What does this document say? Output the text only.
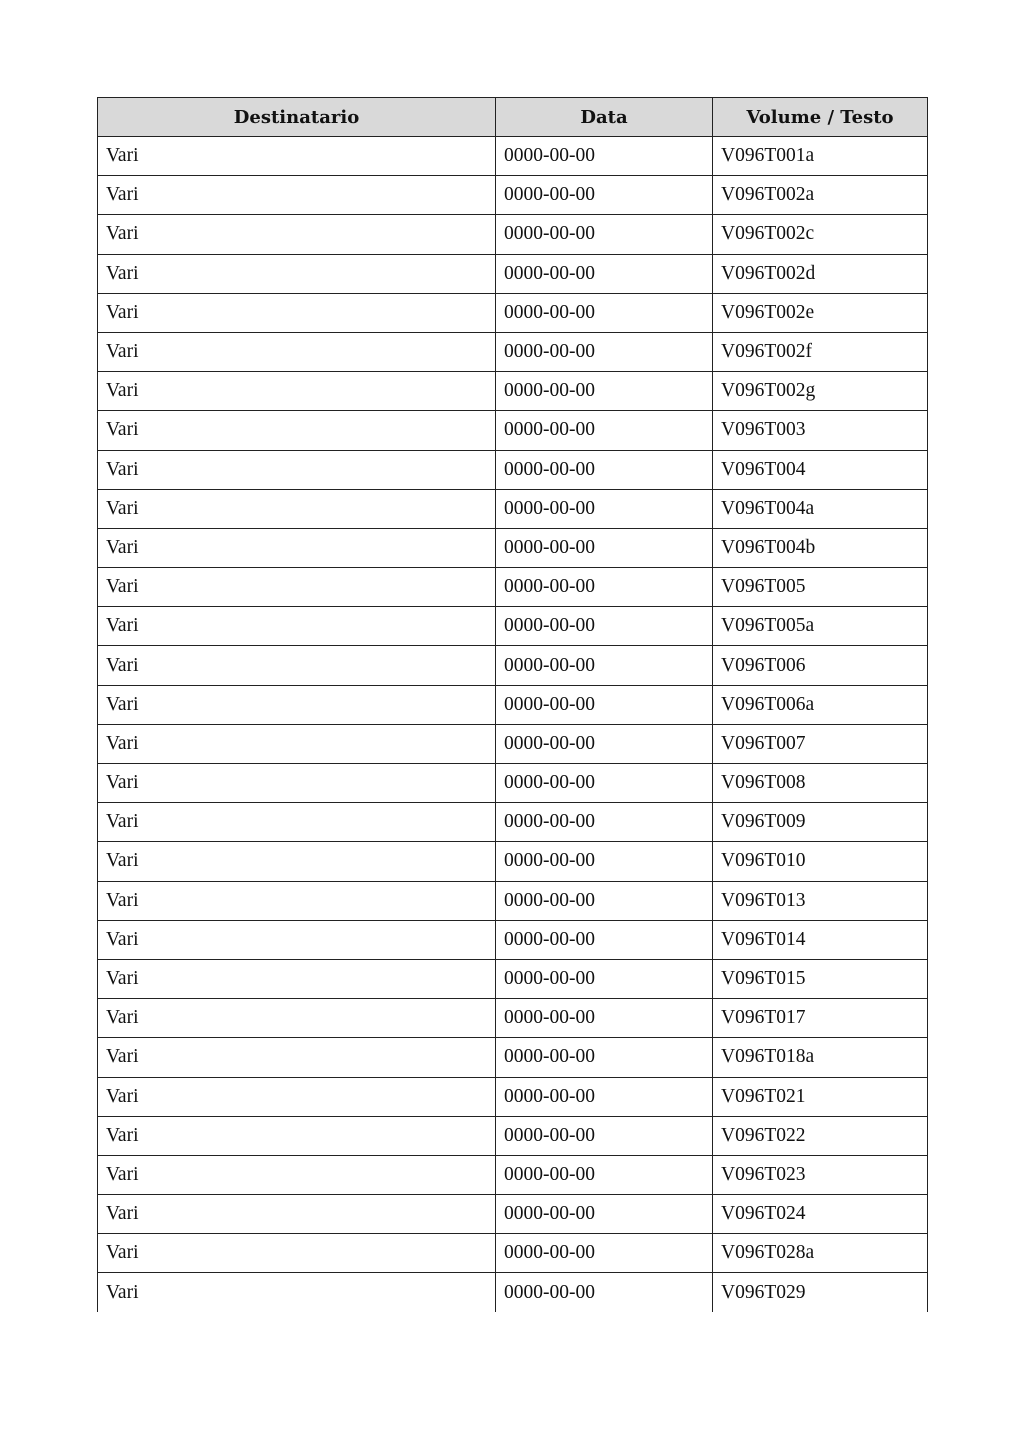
Destinatario	Data	Volume / Testo
Vari	0000-00-00	V096T001a
Vari	0000-00-00	V096T002a
Vari	0000-00-00	V096T002c
Vari	0000-00-00	V096T002d
Vari	0000-00-00	V096T002e
Vari	0000-00-00	V096T002f
Vari	0000-00-00	V096T002g
Vari	0000-00-00	V096T003
Vari	0000-00-00	V096T004
Vari	0000-00-00	V096T004a
Vari	0000-00-00	V096T004b
Vari	0000-00-00	V096T005
Vari	0000-00-00	V096T005a
Vari	0000-00-00	V096T006
Vari	0000-00-00	V096T006a
Vari	0000-00-00	V096T007
Vari	0000-00-00	V096T008
Vari	0000-00-00	V096T009
Vari	0000-00-00	V096T010
Vari	0000-00-00	V096T013
Vari	0000-00-00	V096T014
Vari	0000-00-00	V096T015
Vari	0000-00-00	V096T017
Vari	0000-00-00	V096T018a
Vari	0000-00-00	V096T021
Vari	0000-00-00	V096T022
Vari	0000-00-00	V096T023
Vari	0000-00-00	V096T024
Vari	0000-00-00	V096T028a
Vari	0000-00-00	V096T029
